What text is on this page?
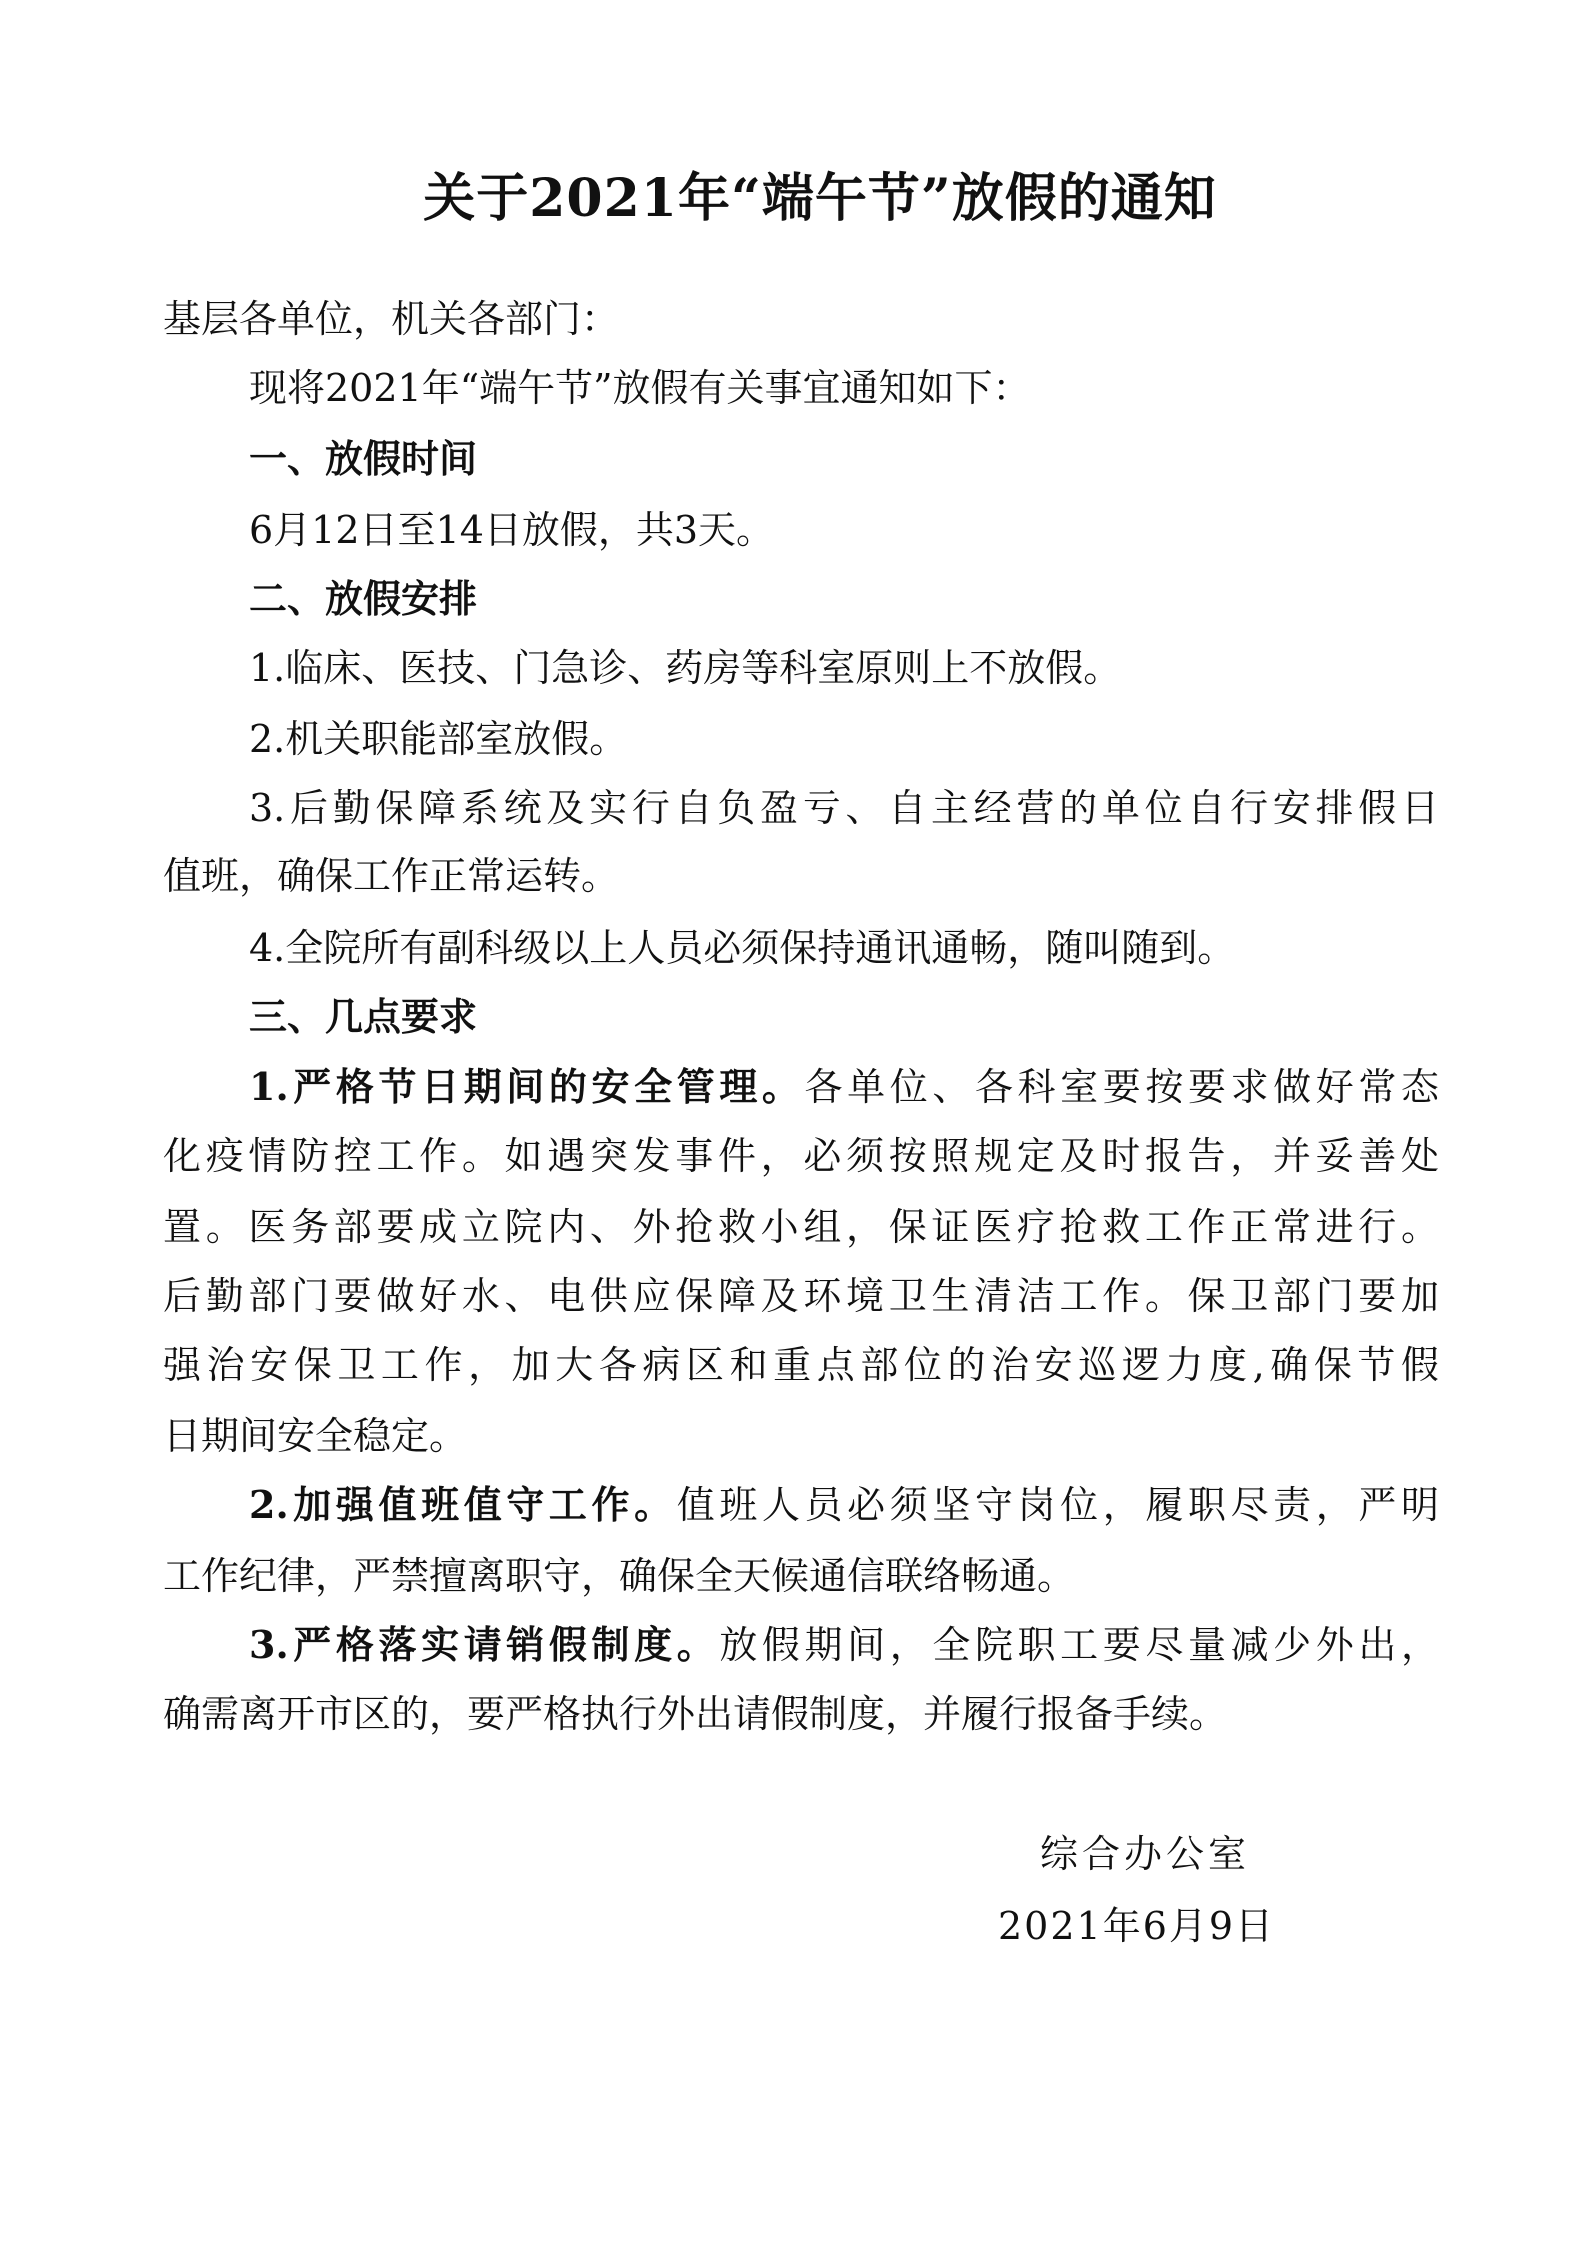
关于2021年“端午节”放假的通知
基层各单位，机关各部门：
现将2021年“端午节”放假有关事宜通知如下：
一、放假时间
6月12日至14日放假，共3天。
二、放假安排
1.临床、医技、门急诊、药房等科室原则上不放假。
2.机关职能部室放假。
3.后勤保障系统及实行自负盈亏、自主经营的单位自行安排假日
值班，确保工作正常运转。
4.全院所有副科级以上人员必须保持通讯通畅，随叫随到。
三、几点要求
1.严格节日期间的安全管理。各单位、各科室要按要求做好常态
化疫情防控工作。如遇突发事件，必须按照规定及时报告，并妥善处
置。医务部要成立院内、外抢救小组，保证医疗抢救工作正常进行。
后勤部门要做好水、电供应保障及环境卫生清洁工作。保卫部门要加
强治安保卫工作，加大各病区和重点部位的治安巡逻力度,确保节假
日期间安全稳定。
2.加强值班值守工作。值班人员必须坚守岗位，履职尽责，严明
工作纪律，严禁擅离职守，确保全天候通信联络畅通。
3.严格落实请销假制度。放假期间，全院职工要尽量减少外出，
确需离开市区的，要严格执行外出请假制度，并履行报备手续。
综合办公室
2021年6月9日
